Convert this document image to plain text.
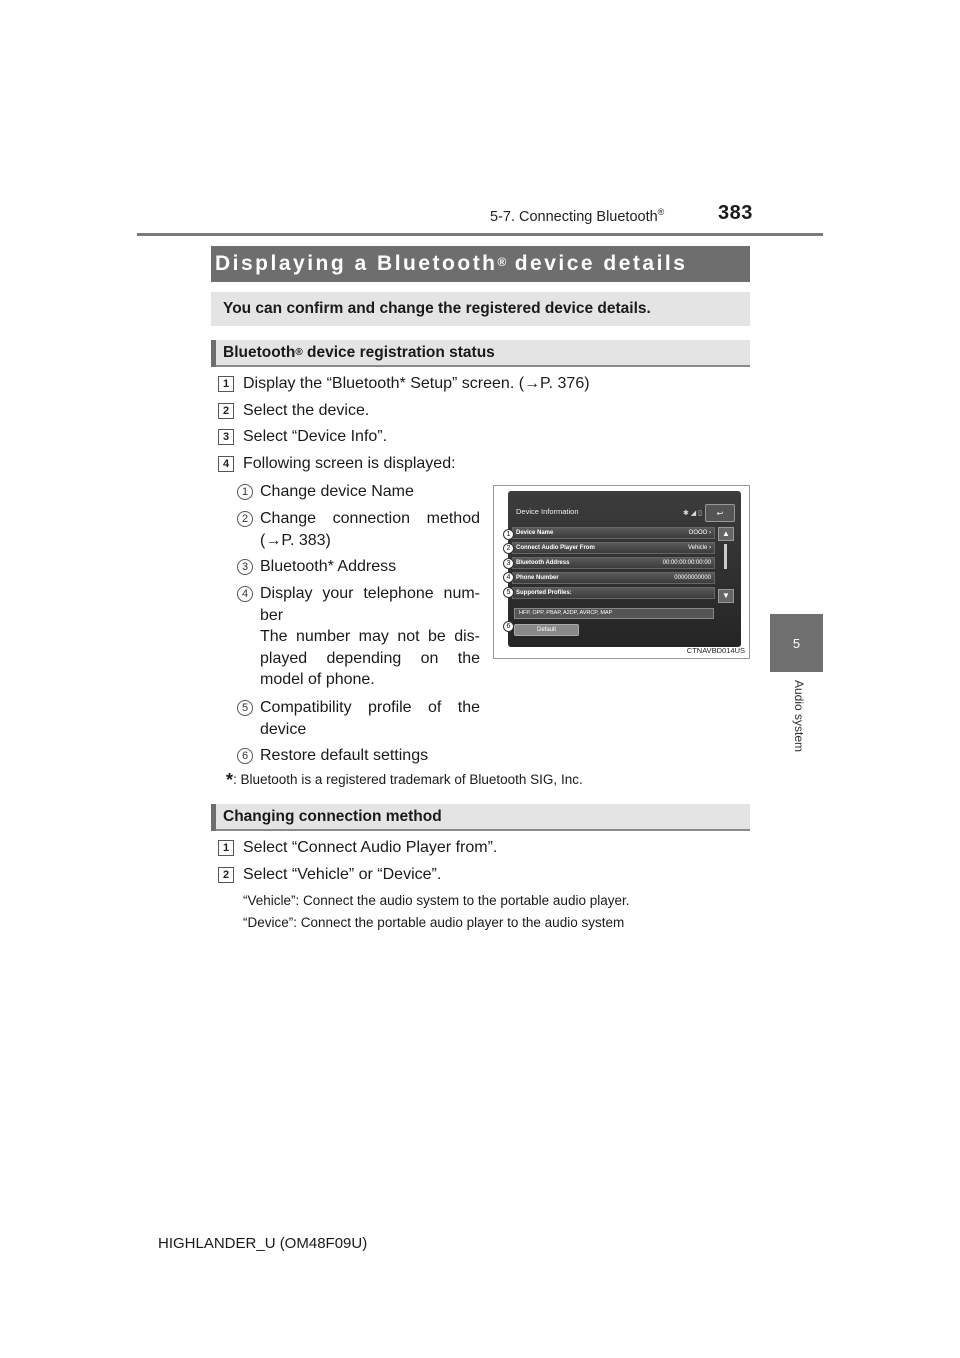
5-7. Connecting Bluetooth®	383
5
Audio system
Displaying a Bluetooth® device details
You can confirm and change the registered device details.
Bluetooth ® device registration status
1 Display the “Bluetooth* Setup” screen. (→P. 376)
2 Select the device.
3 Select “Device Info”.
4 Following screen is displayed:
1 Change device Name
2 Change connection method
(→P. 383)
3 Bluetooth* Address
4 Display your telephone num-
ber
The number may not be dis-
played depending on the
model of phone.
5 Compatibility profile of the
device
6 Restore default settings
Device Information	✱ ◢ ▯	↩
Device Name	OOOO ›
Connect Audio Player From	Vehicle ›
Bluetooth Address	00:00:00:00:00:00
Phone Number	00000000000
Supported Profiles:
HFP, OPP, PBAP, A2DP, AVRCP, MAP
Default
▲
▼
1
2
3
4
5
6
CTNAVBD014US
*: Bluetooth is a registered trademark of Bluetooth SIG, Inc.
Changing connection method
1 Select “Connect Audio Player from”.
2 Select “Vehicle” or “Device”.
“Vehicle”: Connect the audio system to the portable audio player.
“Device”: Connect the portable audio player to the audio system
HIGHLANDER_U (OM48F09U)
